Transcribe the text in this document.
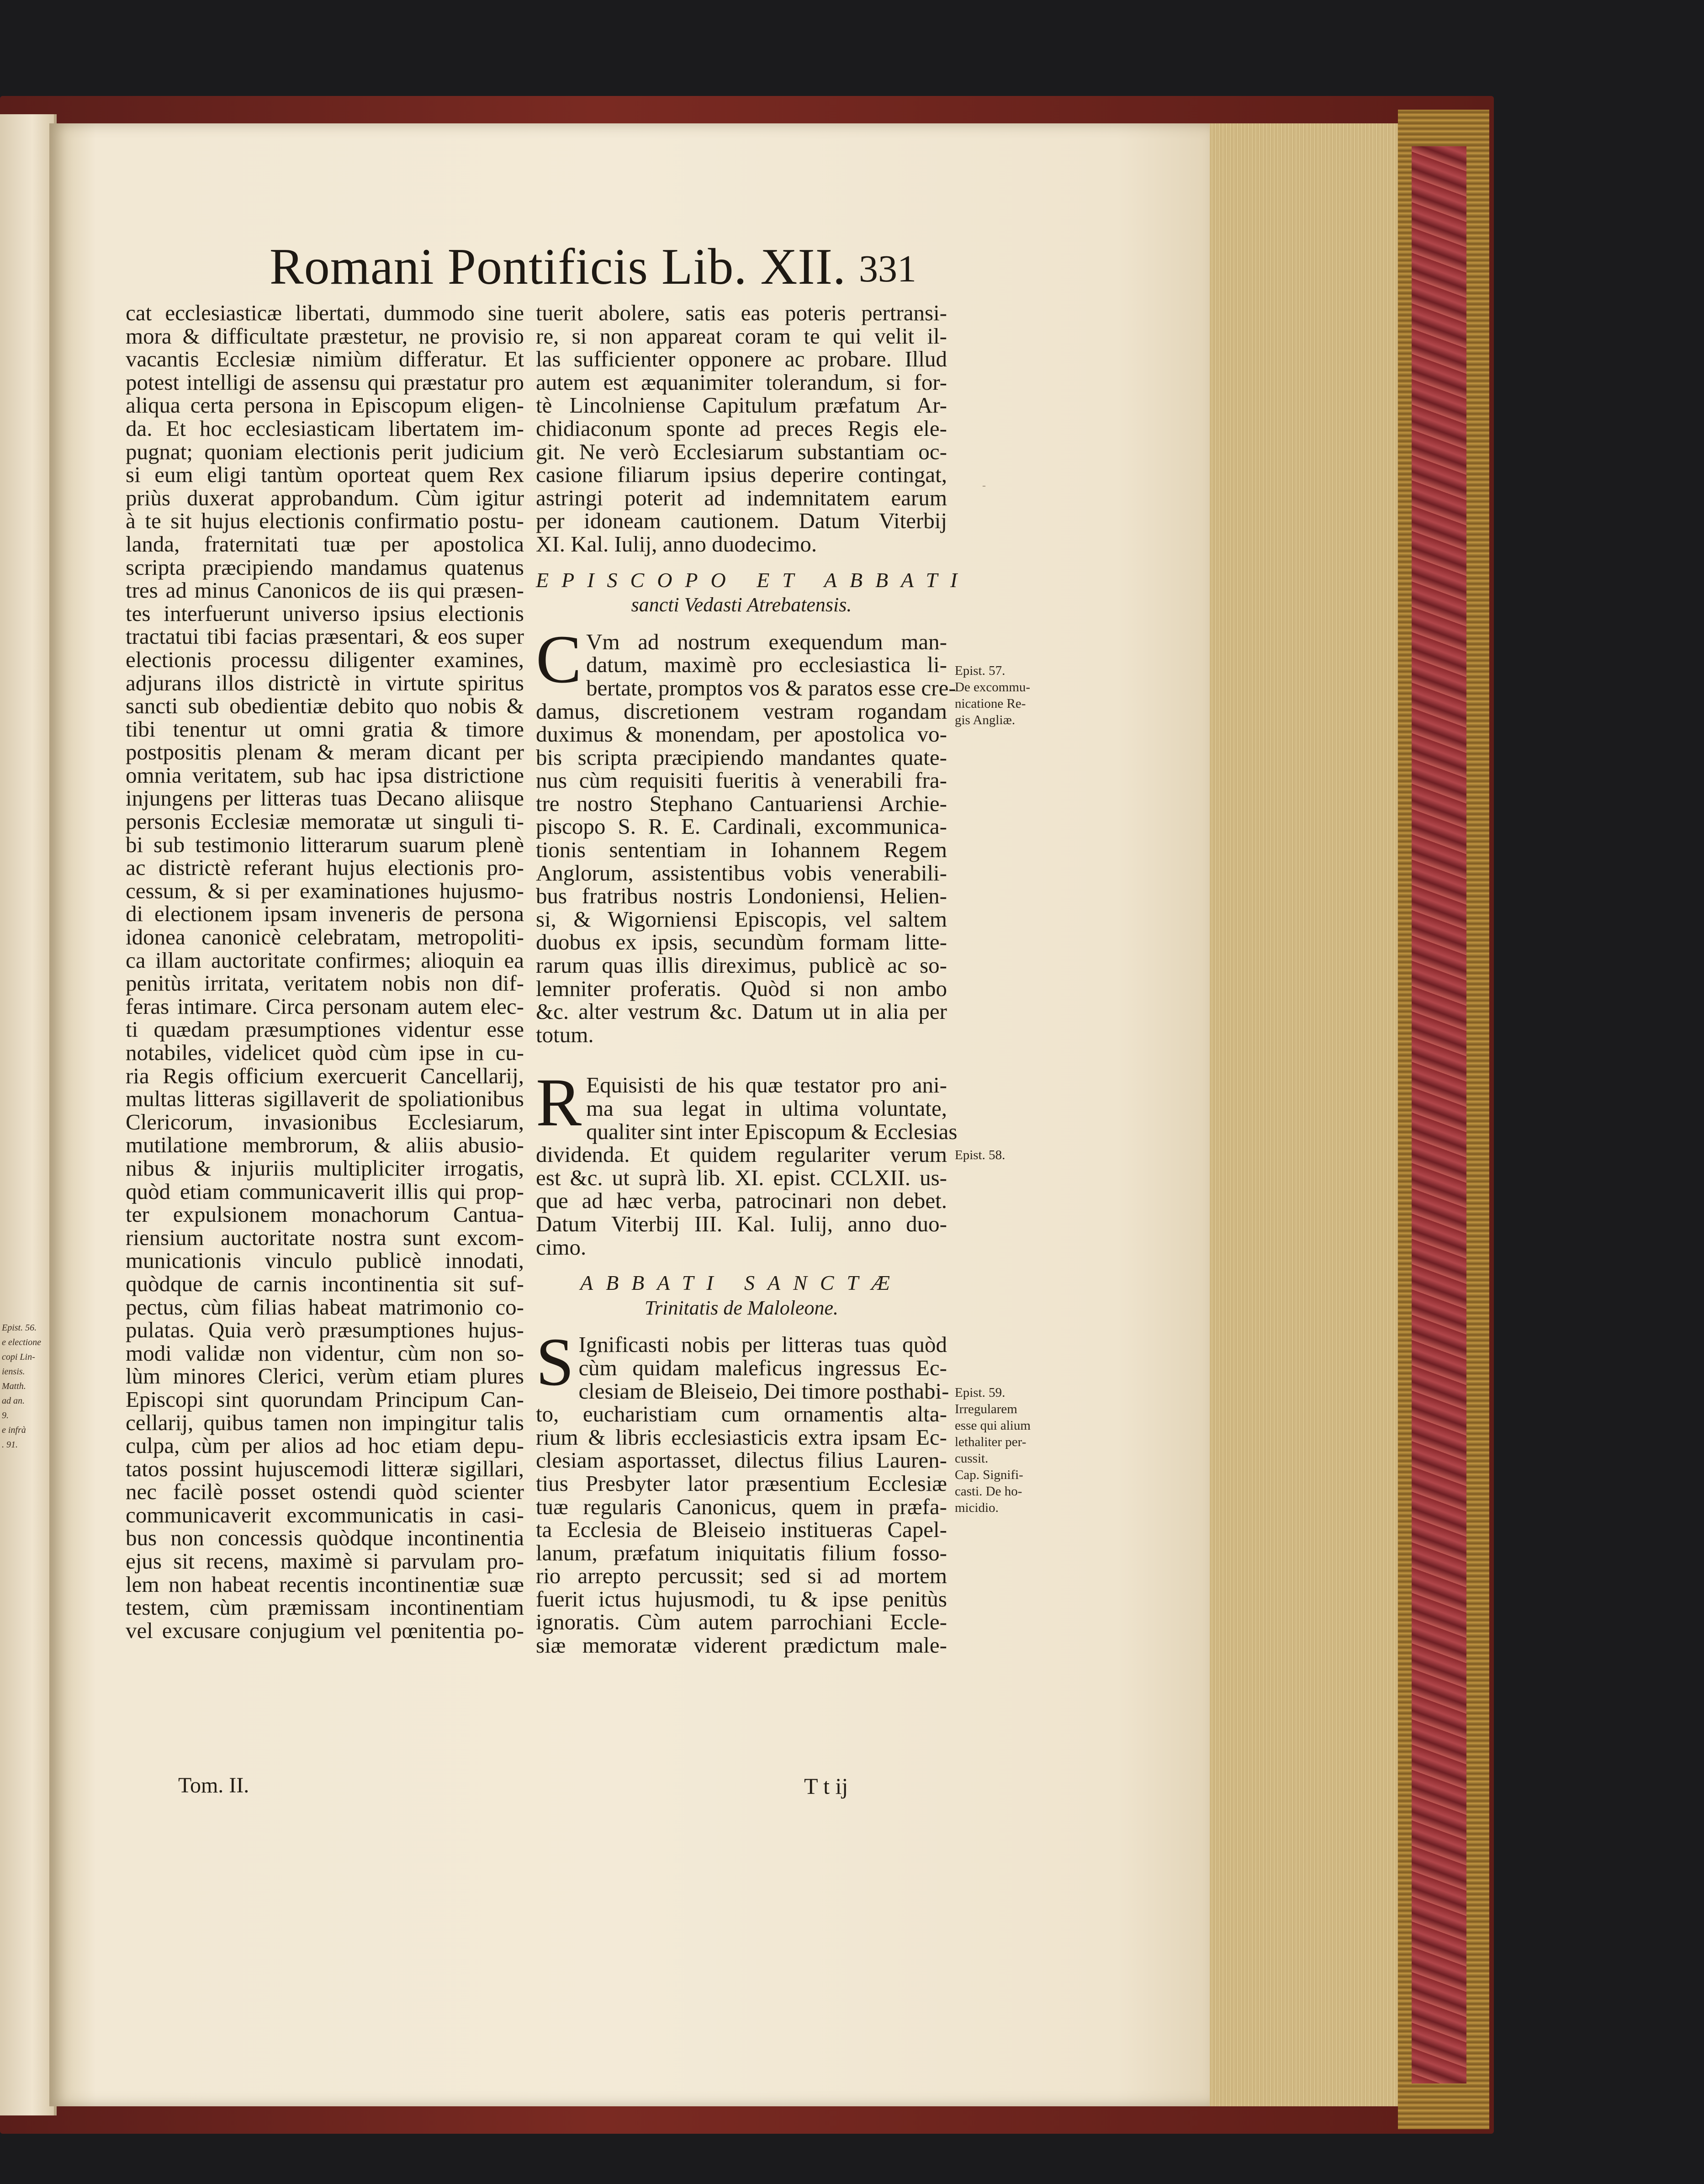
Epist. 56.
e electione
copi Lin-
iensis.
Matth.
ad an.
9.
e infrà
. 91.
Romani Pontificis Lib. XII. 331
cat ecclesiasticæ libertati, dummodo sine
mora & difficultate præstetur, ne provisio
vacantis Ecclesiæ nimiùm differatur. Et
potest intelligi de assensu qui præstatur pro
aliqua certa persona in Episcopum eligen-
da. Et hoc ecclesiasticam libertatem im-
pugnat; quoniam electionis perit judicium
si eum eligi tantùm oporteat quem Rex
priùs duxerat approbandum. Cùm igitur
à te sit hujus electionis confirmatio postu-
landa, fraternitati tuæ per apostolica
scripta præcipiendo mandamus quatenus
tres ad minus Canonicos de iis qui præsen-
tes interfuerunt universo ipsius electionis
tractatui tibi facias præsentari, & eos super
electionis processu diligenter examines,
adjurans illos districtè in virtute spiritus
sancti sub obedientiæ debito quo nobis &
tibi tenentur ut omni gratia & timore
postpositis plenam & meram dicant per
omnia veritatem, sub hac ipsa districtione
injungens per litteras tuas Decano aliisque
personis Ecclesiæ memoratæ ut singuli ti-
bi sub testimonio litterarum suarum plenè
ac districtè referant hujus electionis pro-
cessum, & si per examinationes hujusmo-
di electionem ipsam inveneris de persona
idonea canonicè celebratam, metropoliti-
ca illam auctoritate confirmes; alioquin ea
penitùs irritata, veritatem nobis non dif-
feras intimare. Circa personam autem elec-
ti quædam præsumptiones videntur esse
notabiles, videlicet quòd cùm ipse in cu-
ria Regis officium exercuerit Cancellarij,
multas litteras sigillaverit de spoliationibus
Clericorum, invasionibus Ecclesiarum,
mutilatione membrorum, & aliis abusio-
nibus & injuriis multipliciter irrogatis,
quòd etiam communicaverit illis qui prop-
ter expulsionem monachorum Cantua-
riensium auctoritate nostra sunt excom-
municationis vinculo publicè innodati,
quòdque de carnis incontinentia sit suf-
pectus, cùm filias habeat matrimonio co-
pulatas. Quia verò præsumptiones hujus-
modi validæ non videntur, cùm non so-
lùm minores Clerici, verùm etiam plures
Episcopi sint quorundam Principum Can-
cellarij, quibus tamen non impingitur talis
culpa, cùm per alios ad hoc etiam depu-
tatos possint hujuscemodi litteræ sigillari,
nec facilè posset ostendi quòd scienter
communicaverit excommunicatis in casi-
bus non concessis quòdque incontinentia
ejus sit recens, maximè si parvulam pro-
lem non habeat recentis incontinentiæ suæ
testem, cùm præmissam incontinentiam
vel excusare conjugium vel pœnitentia po-
tuerit abolere, satis eas poteris pertransi-
re, si non appareat coram te qui velit il-
las sufficienter opponere ac probare. Illud
autem est æquanimiter tolerandum, si for-
tè Lincolniense Capitulum præfatum Ar-
chidiaconum sponte ad preces Regis ele-
git. Ne verò Ecclesiarum substantiam oc-
casione filiarum ipsius deperire contingat,
astringi poterit ad indemnitatem earum
per idoneam cautionem. Datum Viterbij
XI. Kal. Iulij, anno duodecimo.
EPISCOPO ET ABBATI
sancti Vedasti Atrebatensis.
C Vm ad nostrum exequendum man-
datum, maximè pro ecclesiastica li-
bertate, promptos vos & paratos esse cre-
damus, discretionem vestram rogandam
duximus & monendam, per apostolica vo-
bis scripta præcipiendo mandantes quate-
nus cùm requisiti fueritis à venerabili fra-
tre nostro Stephano Cantuariensi Archie-
piscopo S. R. E. Cardinali, excommunica-
tionis sententiam in Iohannem Regem
Anglorum, assistentibus vobis venerabili-
bus fratribus nostris Londoniensi, Helien-
si, & Wigorniensi Episcopis, vel saltem
duobus ex ipsis, secundùm formam litte-
rarum quas illis direximus, publicè ac so-
lemniter proferatis. Quòd si non ambo
&c. alter vestrum &c. Datum ut in alia per
totum.
R Equisisti de his quæ testator pro ani-
ma sua legat in ultima voluntate,
qualiter sint inter Episcopum & Ecclesias
dividenda. Et quidem regulariter verum
est &c. ut suprà lib. XI. epist. CCLXII. us-
que ad hæc verba, patrocinari non debet.
Datum Viterbij III. Kal. Iulij, anno duo-
cimo.
ABBATI SANCTÆ
Trinitatis de Maloleone.
S Ignificasti nobis per litteras tuas quòd
cùm quidam maleficus ingressus Ec-
clesiam de Bleiseio, Dei timore posthabi-
to, eucharistiam cum ornamentis alta-
rium & libris ecclesiasticis extra ipsam Ec-
clesiam asportasset, dilectus filius Lauren-
tius Presbyter lator præsentium Ecclesiæ
tuæ regularis Canonicus, quem in præfa-
ta Ecclesia de Bleiseio institueras Capel-
lanum, præfatum iniquitatis filium fosso-
rio arrepto percussit; sed si ad mortem
fuerit ictus hujusmodi, tu & ipse penitùs
ignoratis. Cùm autem parrochiani Eccle-
siæ memoratæ viderent prædictum male-
Epist. 57.
De excommu-
nicatione Re-
gis Angliæ.
Epist. 58.
Epist. 59.
Irregularem
esse qui alium
lethaliter per-
cussit.
Cap. Signifi-
casti. De ho-
micidio.
-
Tom. II.	T t ij
